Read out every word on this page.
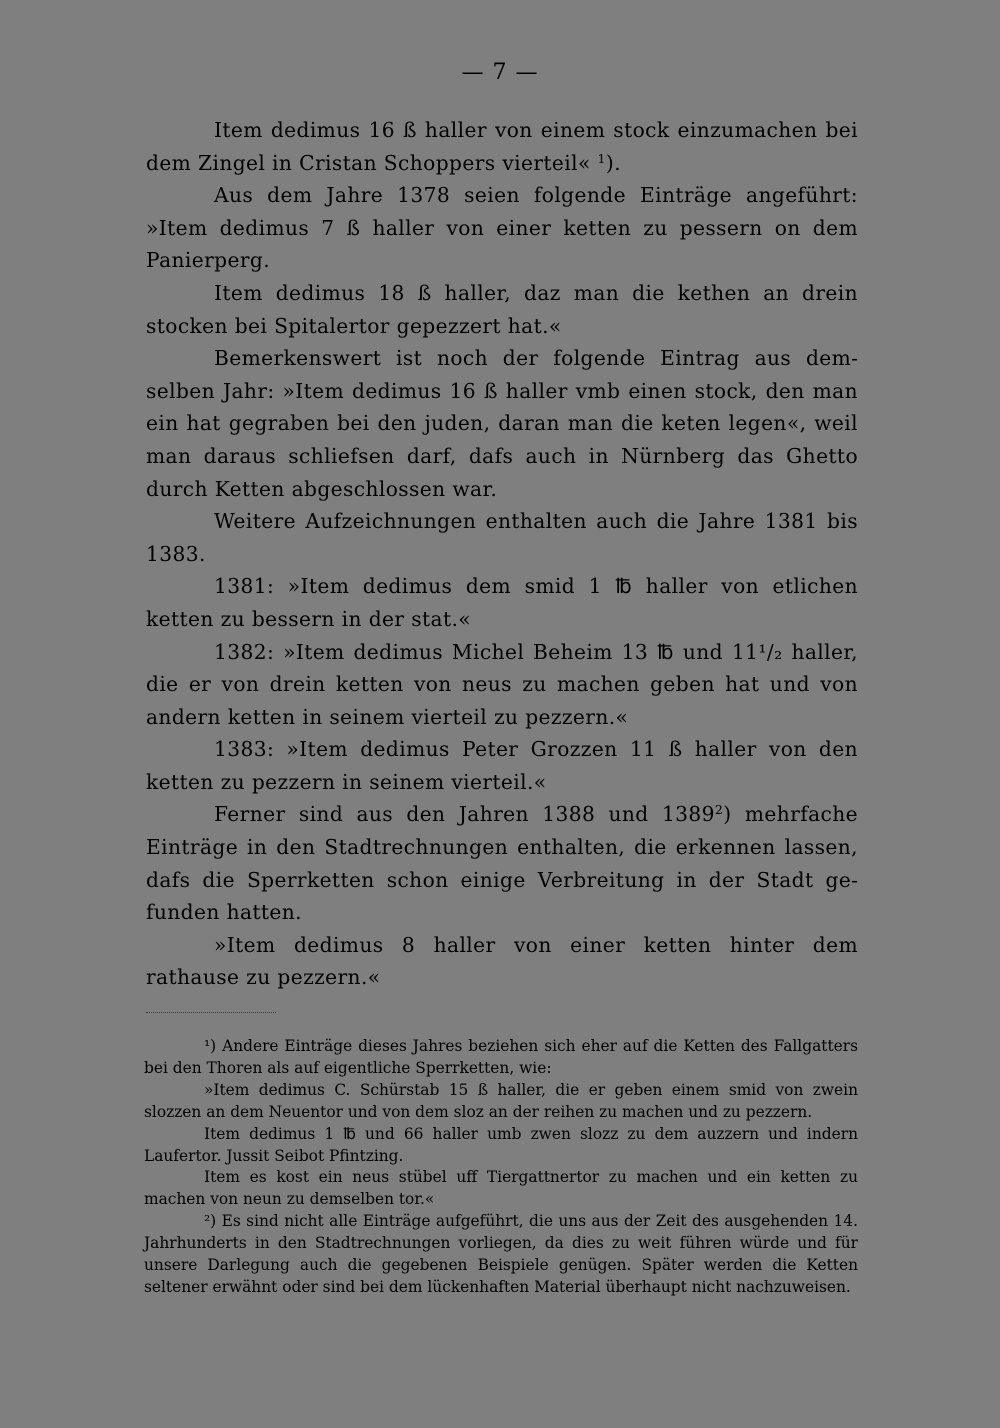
— 7 —

Item dedimus 16 ß haller von einem stock einzumachen bei dem Zingel in Cristan Schoppers vierteil« $^1$).

Aus dem Jahre 1378 seien folgende Einträge angeführt: »Item dedimus 7 ß haller von einer ketten zu pessern on dem Panierperg.

Item dedimus 18 ß haller, daz man die kethen an drein stocken bei Spitalertor gepezzert hat.«

Bemerkenswert ist noch der folgende Eintrag aus demselben Jahr: »Item dedimus 16 ß haller vmb einen stock, den man ein hat gegraben bei den juden, daran man die keten legen«, weil man daraus schliefsen darf, dafs auch in Nürnberg das Ghetto durch Ketten abgeschlossen war.

Weitere Aufzeichnungen enthalten auch die Jahre 1381 bis 1383.

1381: »Item dedimus dem smid 1 ℔ haller von etlichen ketten zu bessern in der stat.«

1382: »Item dedimus Michel Beheim 13 ℔ und 11¹/₂ haller, die er von drein ketten von neus zu machen geben hat und von andern ketten in seinem vierteil zu pezzern.«

1383: »Item dedimus Peter Grozzen 11 ß haller von den ketten zu pezzern in seinem vierteil.«

Ferner sind aus den Jahren 1388 und 1389$^2$) mehrfache Einträge in den Stadtrechnungen enthalten, die erkennen lassen, dafs die Sperrketten schon einige Verbreitung in der Stadt gefunden hatten.

»Item dedimus 8 haller von einer ketten hinter dem rathause zu pezzern.«

¹) Andere Einträge dieses Jahres beziehen sich eher auf die Ketten des Fallgatters bei den Thoren als auf eigentliche Sperrketten, wie:

»Item dedimus C. Schürstab 15 ß haller, die er geben einem smid von zwein slozzen an dem Neuentor und von dem sloz an der reihen zu machen und zu pezzern.

Item dedimus 1 ℔ und 66 haller umb zwen slozz zu dem auzzern und indern Laufertor. Jussit Seibot Pfintzing.

Item es kost ein neus stübel uff Tiergattnertor zu machen und ein ketten zu machen von neun zu demselben tor.«

²) Es sind nicht alle Einträge aufgeführt, die uns aus der Zeit des ausgehenden 14. Jahrhunderts in den Stadtrechnungen vorliegen, da dies zu weit führen würde und für unsere Darlegung auch die gegebenen Beispiele genügen. Später werden die Ketten seltener erwähnt oder sind bei dem lückenhaften Material überhaupt nicht nachzuweisen.
